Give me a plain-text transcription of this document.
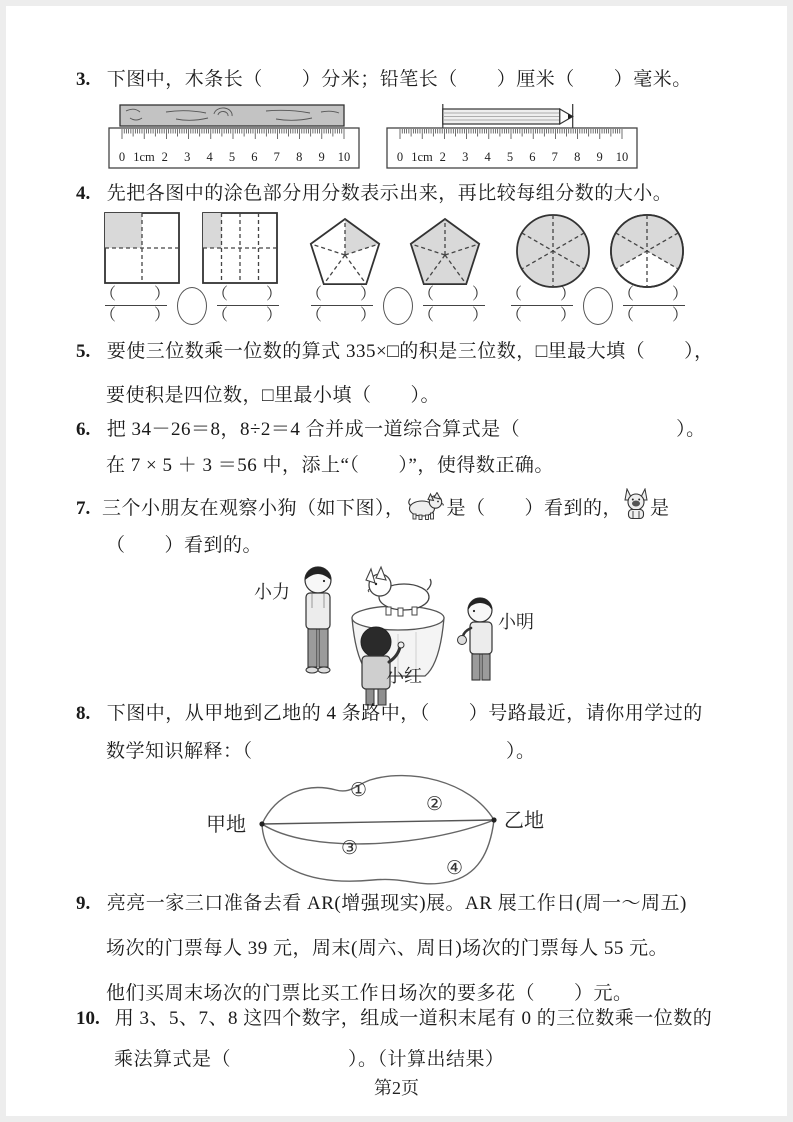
3. 下图中，木条长（　　）分米；铅笔长（　　）厘米（　　）毫米。
0 1cm 2 3 4 5 6 7 8 9 10	0 1cm 2 3 4 5 6 7 8 9 10
4. 先把各图中的涂色部分用分数表示出来，再比较每组分数的大小。
$\frac{( )}{( )}$	$\frac{( )}{( )} \frac{( )}{( )}$	$\frac{( )}{( )} \frac{( )}{( )}$	$\frac{( )}{( )}$
5. 要使三位数乘一位数的算式 335×□的积是三位数，□里最大填（　　），
要使积是四位数，□里最小填（　　）。
6. 把 34－26＝8，8÷2＝4 合并成一道综合算式是（　　　　　　　　）。
在 7 × 5 ＋ 3 ＝56 中，添上“（　　）”，使得数正确。
7. 三个小朋友在观察小狗（如下图）， 是（　　）看到的， 是
（　　）看到的。
小力
小红
小明
8. 下图中，从甲地到乙地的 4 条路中，（　　）号路最近，请你用学过的
数学知识解释：（　　　　　　　　　　　　　）。
甲地	乙地
①
②
③
④
9. 亮亮一家三口准备去看 AR(增强现实)展。AR 展工作日(周一～周五)
场次的门票每人 39 元，周末(周六、周日)场次的门票每人 55 元。
他们买周末场次的门票比买工作日场次的要多花（　　）元。
10. 用 3、5、7、8 这四个数字，组成一道积末尾有 0 的三位数乘一位数的
乘法算式是（　　　　　　）。（计算出结果）
第2页
